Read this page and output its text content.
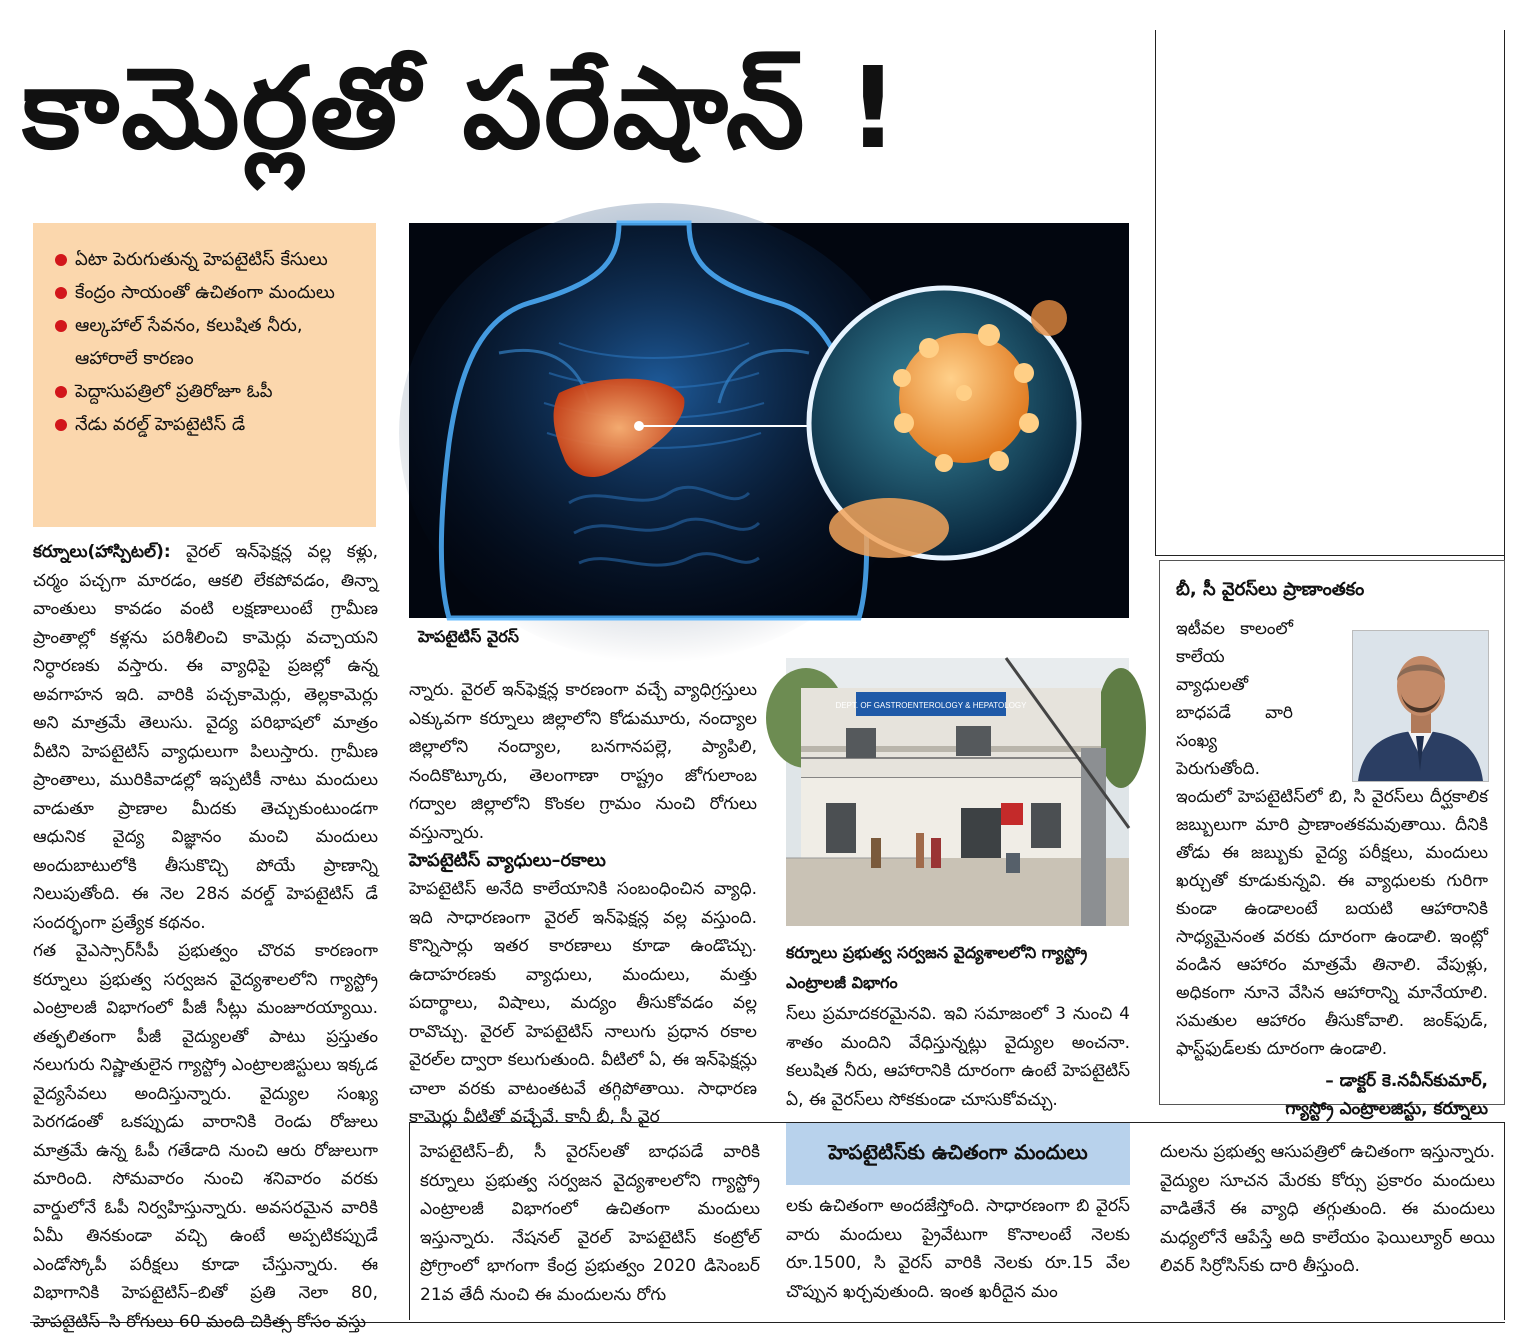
కామెర్లతో పరేషాన్ !
ఏటా పెరుగుతున్న హెపటైటిస్ కేసులు
కేంద్రం సాయంతో ఉచితంగా మందులు
ఆల్కహాల్ సేవనం, కలుషిత నీరు, ఆహారాలే కారణం
పెద్దాసుపత్రిలో ప్రతిరోజూ ఓపీ
నేడు వరల్డ్ హెపటైటిస్ డే

కర్నూలు(హాస్పిటల్): వైరల్ ఇన్‌ఫెక్షన్ల వల్ల కళ్లు, చర్మం పచ్చగా మారడం, ఆకలి లేకపోవడం, తిన్నా వాంతులు కావడం వంటి లక్షణాలుంటే గ్రామీణ ప్రాంతాల్లో కళ్లను పరిశీలించి కామెర్లు వచ్చాయని నిర్ధారణకు వస్తారు. ఈ వ్యాధిపై ప్రజల్లో ఉన్న అవగాహన ఇది. వారికి పచ్చకామెర్లు, తెల్లకామెర్లు అని మాత్రమే తెలుసు. వైద్య పరిభాషలో మాత్రం వీటిని హెపటైటిస్ వ్యాధులుగా పిలుస్తారు. గ్రామీణ ప్రాంతాలు, మురికివాడల్లో ఇప్పటికీ నాటు మందులు వాడుతూ ప్రాణాల మీదకు తెచ్చుకుంటుండగా ఆధునిక వైద్య విజ్ఞానం మంచి మందులు అందుబాటులోకి తీసుకొచ్చి పోయే ప్రాణాన్ని నిలుపుతోంది. ఈ నెల 28న వరల్డ్ హెపటైటిస్ డే సందర్భంగా ప్రత్యేక కథనం.

గత వైఎస్సార్‌సీపీ ప్రభుత్వం చొరవ కారణంగా కర్నూలు ప్రభుత్వ సర్వజన వైద్యశాలలోని గ్యాస్ట్రో ఎంట్రాలజీ విభాగంలో పీజీ సీట్లు మంజూరయ్యాయి. తత్ఫలితంగా పీజీ వైద్యులతో పాటు ప్రస్తుతం నలుగురు నిష్ణాతులైన గ్యాస్ట్రో ఎంట్రాలజిస్టులు ఇక్కడ వైద్యసేవలు అందిస్తున్నారు. వైద్యుల సంఖ్య పెరగడంతో ఒకప్పుడు వారానికి రెండు రోజులు మాత్రమే ఉన్న ఓపీ గతేడాది నుంచి ఆరు రోజులుగా మారింది. సోమవారం నుంచి శనివారం వరకు వార్డులోనే ఓపీ నిర్వహిస్తున్నారు. అవసరమైన వారికి ఏమీ తినకుండా వచ్చి ఉంటే అప్పటికప్పుడే ఎండోస్కోపీ పరీక్షలు కూడా చేస్తున్నారు. ఈ విభాగానికి హెపటైటిస్–బితో ప్రతి నెలా 80, హెపటైటిస్–సి రోగులు 60 మంది చికిత్స కోసం వస్తు

హెపటైటిస్ వైరస్

న్నారు. వైరల్ ఇన్‌ఫెక్షన్ల కారణంగా వచ్చే వ్యాధిగ్రస్తులు ఎక్కువగా కర్నూలు జిల్లాలోని కోడుమూరు, నంద్యాల జిల్లాలోని నంద్యాల, బనగానపల్లె, ప్యాపిలి, నందికొట్కూరు, తెలంగాణా రాష్ట్రం జోగులాంబ గద్వాల జిల్లాలోని కొంకల గ్రామం నుంచి రోగులు వస్తున్నారు.

హెపటైటిస్ వ్యాధులు–రకాలు

హెపటైటిస్ అనేది కాలేయానికి సంబంధించిన వ్యాధి. ఇది సాధారణంగా వైరల్ ఇన్‌ఫెక్షన్ల వల్ల వస్తుంది. కొన్నిసార్లు ఇతర కారణాలు కూడా ఉండొచ్చు. ఉదాహరణకు వ్యాధులు, మందులు, మత్తు పదార్థాలు, విషాలు, మద్యం తీసుకోవడం వల్ల రావొచ్చు. వైరల్ హెపటైటిస్ నాలుగు ప్రధాన రకాల వైరల్‌ల ద్వారా కలుగుతుంది. వీటిలో ఏ, ఈ ఇన్‌ఫెక్షన్లు చాలా వరకు వాటంతటవే తగ్గిపోతాయి. సాధారణ కామెర్లు వీటితో వచ్చేవే. కానీ బీ, సీ వైర

DEPT. OF GASTROENTEROLOGY & HEPATOLOGY
కర్నూలు ప్రభుత్వ సర్వజన వైద్యశాలలోని గ్యాస్ట్రో ఎంట్రాలజీ విభాగం

స్‌లు ప్రమాదకరమైనవి. ఇవి సమాజంలో 3 నుంచి 4 శాతం మందిని వేధిస్తున్నట్లు వైద్యుల అంచనా. కలుషిత నీరు, ఆహారానికి దూరంగా ఉంటే హెపటైటిస్ ఏ, ఈ వైరస్‌లు సోకకుండా చూసుకోవచ్చు.

బీ, సీ వైరస్‌లు ప్రాణాంతకం
ఇటీవల కాలంలో కాలేయ వ్యాధులతో బాధపడే వారి సంఖ్య పెరుగుతోంది. ఇందులో హెపటైటిస్‌లో బి, సి వైరస్‌లు దీర్ఘకాలిక జబ్బులుగా మారి ప్రాణాంతకమవుతాయి. దీనికి తోడు ఈ జబ్బుకు వైద్య పరీక్షలు, మందులు ఖర్చుతో కూడుకున్నవి. ఈ వ్యాధులకు గురిగా కుండా ఉండాలంటే బయటి ఆహారానికి సాధ్యమైనంత వరకు దూరంగా ఉండాలి. ఇంట్లో వండిన ఆహారం మాత్రమే తినాలి. వేపుళ్లు, అధికంగా నూనె వేసిన ఆహారాన్ని మానేయాలి. సమతుల ఆహారం తీసుకోవాలి. జంక్‌ఫుడ్, ఫాస్ట్‌ఫుడ్‌లకు దూరంగా ఉండాలి.
– డాక్టర్ కె.నవీన్‌కుమార్,
గ్యాస్ట్రో ఎంట్రాలజిస్టు, కర్నూలు

హెపటైటిస్–బీ, సీ వైరస్‌లతో బాధపడే వారికి కర్నూలు ప్రభుత్వ సర్వజన వైద్యశాలలోని గ్యాస్ట్రో ఎంట్రాలజీ విభాగంలో ఉచితంగా మందులు ఇస్తున్నారు. నేషనల్ వైరల్ హెపటైటిస్ కంట్రోల్ ప్రోగ్రాంలో భాగంగా కేంద్ర ప్రభుత్వం 2020 డిసెంబర్ 21వ తేదీ నుంచి ఈ మందులను రోగు

హెపటైటిస్‌కు ఉచితంగా మందులు

లకు ఉచితంగా అందజేస్తోంది. సాధారణంగా బి వైరస్ వారు మందులు ప్రైవేటుగా కొనాలంటే నెలకు రూ.1500, సి వైరస్ వారికి నెలకు రూ.15 వేల చొప్పున ఖర్చవుతుంది. ఇంత ఖరీదైన మం

దులను ప్రభుత్వ ఆసుపత్రిలో ఉచితంగా ఇస్తున్నారు. వైద్యుల సూచన మేరకు కోర్సు ప్రకారం మందులు వాడితేనే ఈ వ్యాధి తగ్గుతుంది. ఈ మందులు మధ్యలోనే ఆపేస్తే అది కాలేయం ఫెయిల్యూర్ అయి లివర్ సిర్రోసిస్‌కు దారి తీస్తుంది.
